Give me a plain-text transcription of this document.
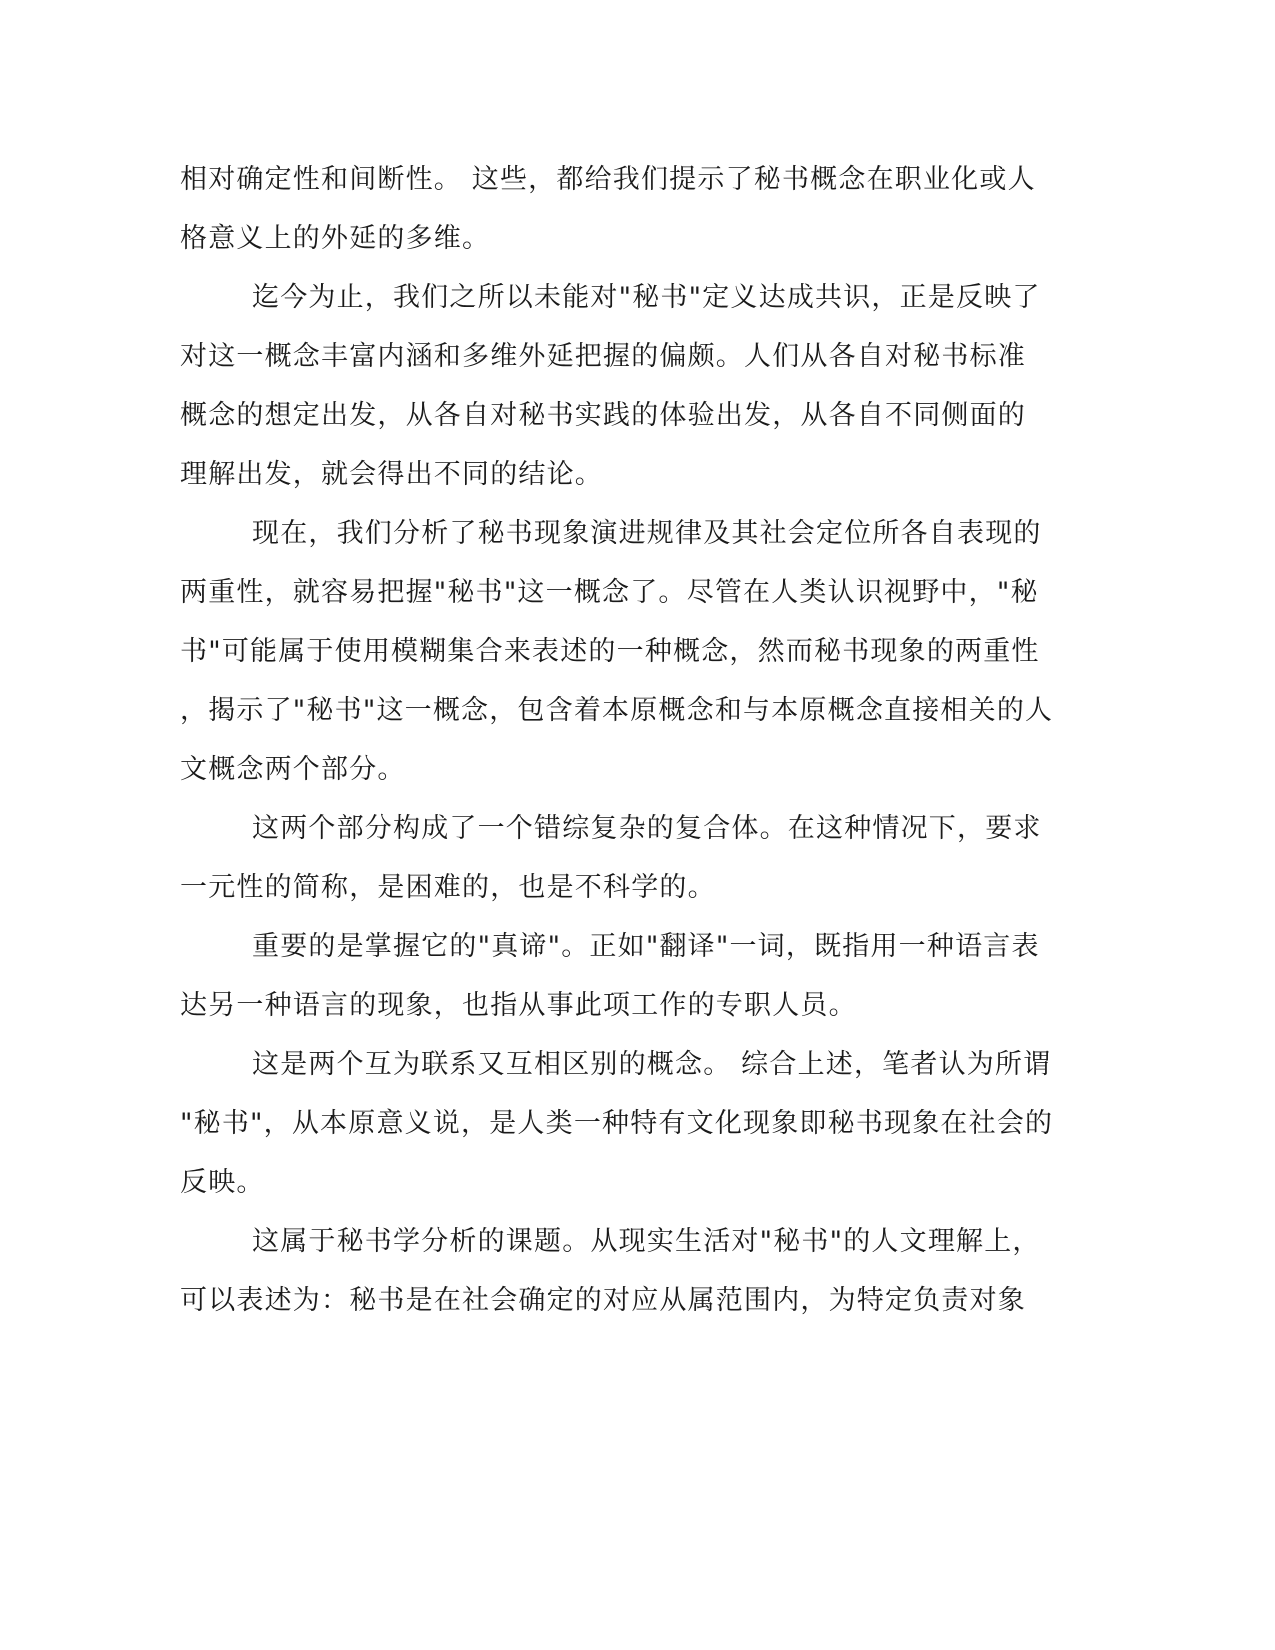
相对确定性和间断性。 这些，都给我们提示了秘书概念在职业化或人

格意义上的外延的多维。

迄今为止，我们之所以未能对"秘书"定义达成共识，正是反映了

对这一概念丰富内涵和多维外延把握的偏颇。人们从各自对秘书标准

概念的想定出发，从各自对秘书实践的体验出发，从各自不同侧面的

理解出发，就会得出不同的结论。

现在，我们分析了秘书现象演进规律及其社会定位所各自表现的

两重性，就容易把握"秘书"这一概念了。尽管在人类认识视野中，"秘

书"可能属于使用模糊集合来表述的一种概念，然而秘书现象的两重性

，揭示了"秘书"这一概念，包含着本原概念和与本原概念直接相关的人

文概念两个部分。

这两个部分构成了一个错综复杂的复合体。在这种情况下，要求

一元性的简称，是困难的，也是不科学的。

重要的是掌握它的"真谛"。正如"翻译"一词，既指用一种语言表

达另一种语言的现象，也指从事此项工作的专职人员。

这是两个互为联系又互相区别的概念。 综合上述，笔者认为所谓

"秘书"，从本原意义说，是人类一种特有文化现象即秘书现象在社会的

反映。

这属于秘书学分析的课题。从现实生活对"秘书"的人文理解上，

可以表述为：秘书是在社会确定的对应从属范围内，为特定负责对象
